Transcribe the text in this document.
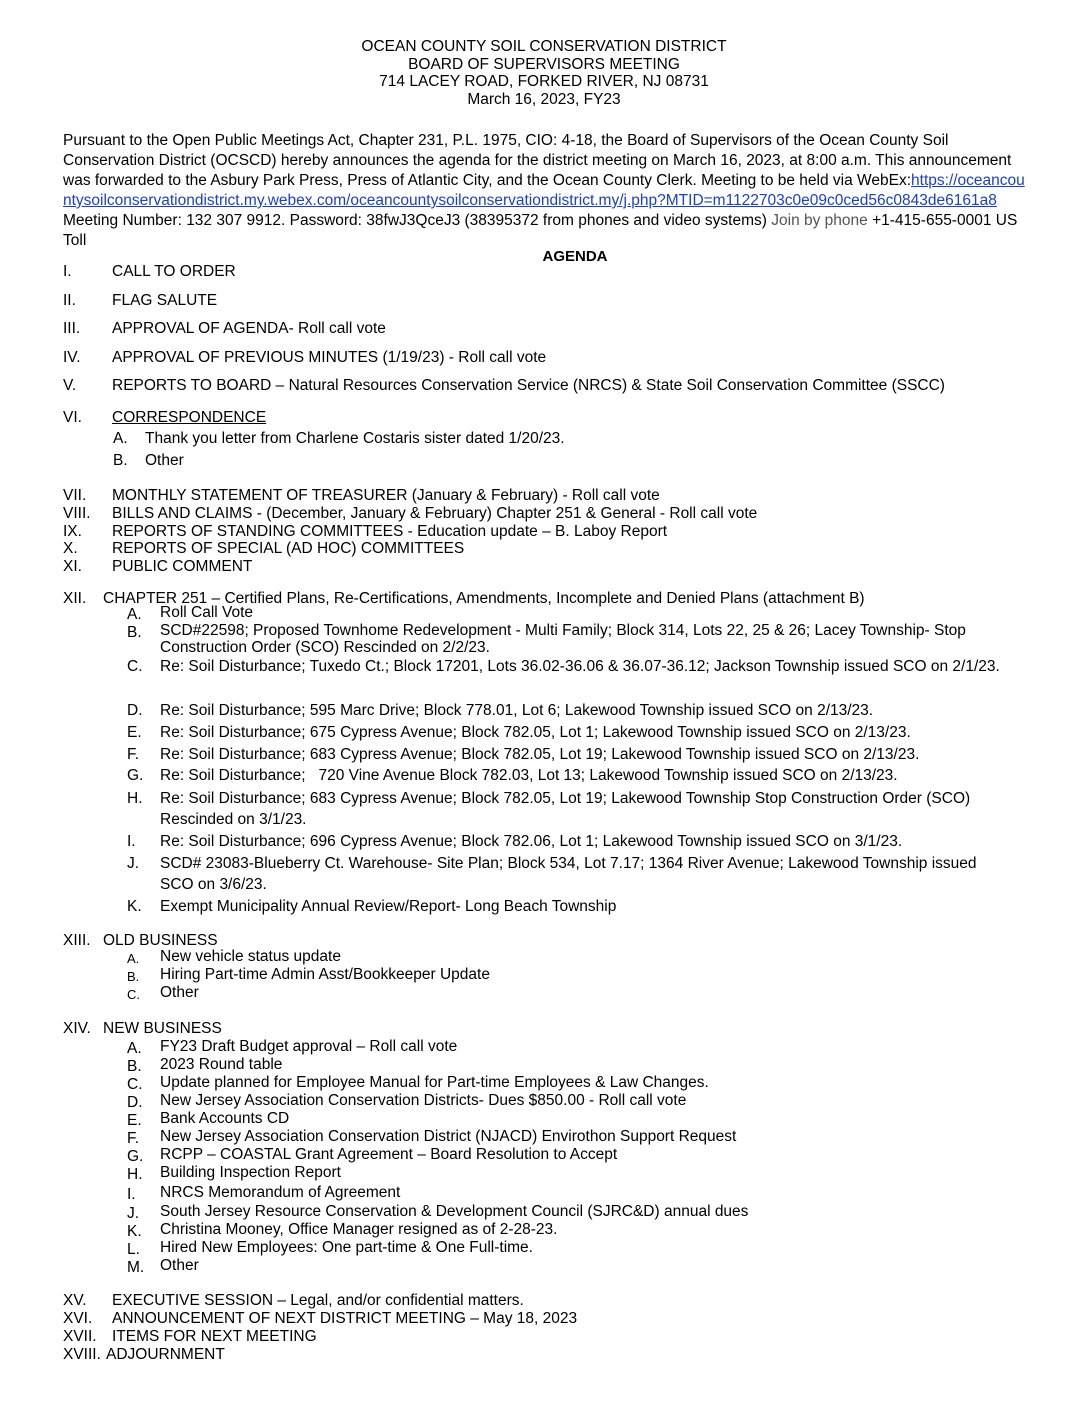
OCEAN COUNTY SOIL CONSERVATION DISTRICT
BOARD OF SUPERVISORS MEETING
714 LACEY ROAD, FORKED RIVER, NJ 08731
March 16, 2023, FY23
Pursuant to the Open Public Meetings Act, Chapter 231, P.L. 1975, CIO: 4-18, the Board of Supervisors of the Ocean County Soil Conservation District (OCSCD) hereby announces the agenda for the district meeting on March 16, 2023, at 8:00 a.m. This announcement was forwarded to the Asbury Park Press, Press of Atlantic City, and the Ocean County Clerk. Meeting to be held via WebEx:https://oceancountysoilconservationdistrict.my.webex.com/oceancountysoilconservationdistrict.my/j.php?MTID=m1122703c0e09c0ced56c0843de6161a8 Meeting Number: 132 307 9912. Password: 38fwJ3QceJ3 (38395372 from phones and video systems) Join by phone +1-415-655-0001 US Toll
AGENDA
I.	CALL TO ORDER
II. FLAG SALUTE
III. APPROVAL OF AGENDA- Roll call vote
IV. APPROVAL OF PREVIOUS MINUTES (1/19/23) - Roll call vote
V. REPORTS TO BOARD – Natural Resources Conservation Service (NRCS) & State Soil Conservation Committee (SSCC)
VI. CORRESPONDENCE
A. Thank you letter from Charlene Costaris sister dated 1/20/23.
B. Other
VII. MONTHLY STATEMENT OF TREASURER (January & February) - Roll call vote
VIII. BILLS AND CLAIMS - (December, January & February) Chapter 251 & General - Roll call vote
IX. REPORTS OF STANDING COMMITTEES - Education update – B. Laboy Report
X. REPORTS OF SPECIAL (AD HOC) COMMITTEES
XI. PUBLIC COMMENT
XII. CHAPTER 251 – Certified Plans, Re-Certifications, Amendments, Incomplete and Denied Plans (attachment B)
A.	Roll Call Vote
B.	SCD#22598; Proposed Townhome Redevelopment - Multi Family; Block 314, Lots 22, 25 & 26; Lacey Township- Stop Construction Order (SCO) Rescinded on 2/2/23.
C.	Re: Soil Disturbance; Tuxedo Ct.; Block 17201, Lots 36.02-36.06 & 36.07-36.12; Jackson Township issued SCO on 2/1/23.
D.	Re: Soil Disturbance; 595 Marc Drive; Block 778.01, Lot 6; Lakewood Township issued SCO on 2/13/23.
E.	Re: Soil Disturbance; 675 Cypress Avenue; Block 782.05, Lot 1; Lakewood Township issued SCO on 2/13/23.
F.	Re: Soil Disturbance; 683 Cypress Avenue; Block 782.05, Lot 19; Lakewood Township issued SCO on 2/13/23.
G.	Re: Soil Disturbance;   720 Vine Avenue Block 782.03, Lot 13; Lakewood Township issued SCO on 2/13/23.
H.	Re: Soil Disturbance; 683 Cypress Avenue; Block 782.05, Lot 19; Lakewood Township Stop Construction Order (SCO) Rescinded on 3/1/23.
I.	Re: Soil Disturbance; 696 Cypress Avenue; Block 782.06, Lot 1; Lakewood Township issued SCO on 3/1/23.
J.	SCD# 23083-Blueberry Ct. Warehouse- Site Plan; Block 534, Lot 7.17; 1364 River Avenue; Lakewood Township issued SCO on 3/6/23.
K.	Exempt Municipality Annual Review/Report- Long Beach Township
XIII. OLD BUSINESS
A.	New vehicle status update
B.	Hiring Part-time Admin Asst/Bookkeeper Update
C.	Other
XIV. NEW BUSINESS
A.	FY23 Draft Budget approval – Roll call vote
B.	2023 Round table
C.	Update planned for Employee Manual for Part-time Employees & Law Changes.
D.	New Jersey Association Conservation Districts- Dues $850.00 - Roll call vote
E.	Bank Accounts CD
F.	New Jersey Association Conservation District (NJACD) Envirothon Support Request
G.	RCPP – COASTAL Grant Agreement – Board Resolution to Accept
H.	Building Inspection Report
I.	NRCS Memorandum of Agreement
J.	South Jersey Resource Conservation & Development Council (SJRC&D) annual dues
K.	Christina Mooney, Office Manager resigned as of 2-28-23.
L.	Hired New Employees: One part-time & One Full-time.
M.	Other
XV. EXECUTIVE SESSION – Legal, and/or confidential matters.
XVI. ANNOUNCEMENT OF NEXT DISTRICT MEETING – May 18, 2023
XVII. ITEMS FOR NEXT MEETING
XVIII. ADJOURNMENT
